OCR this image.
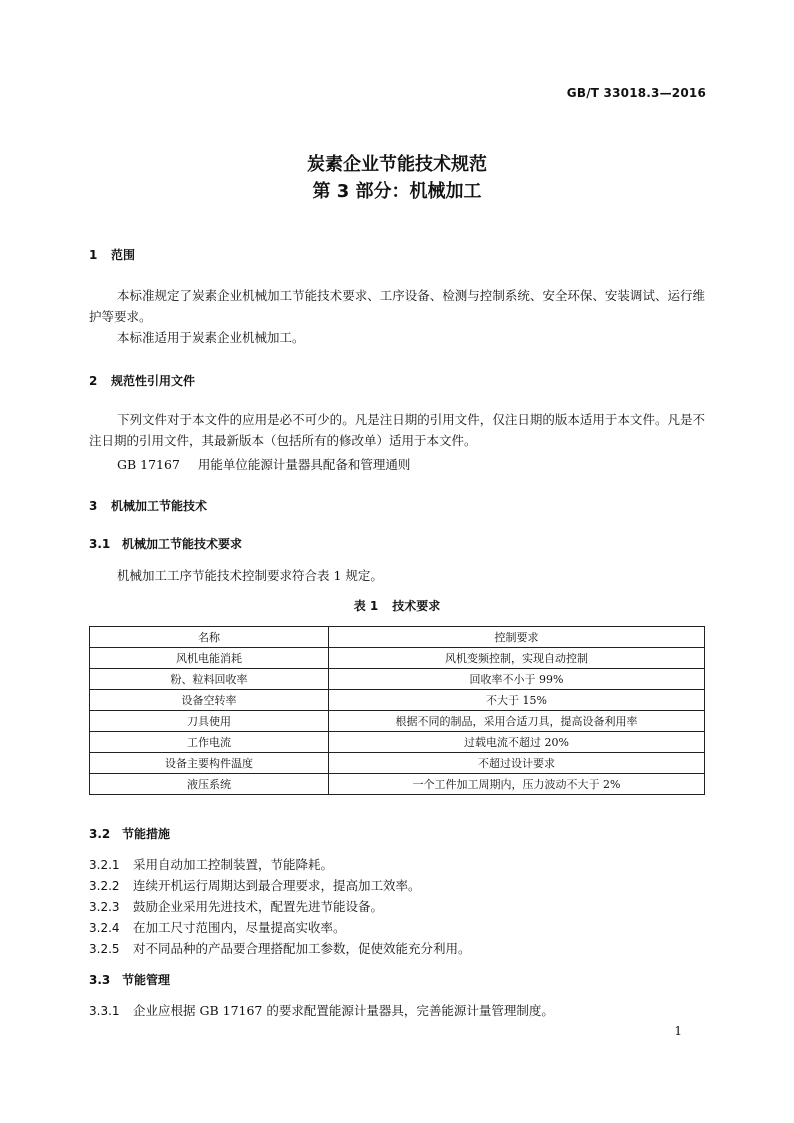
GB/T 33018.3—2016
炭素企业节能技术规范
第 3 部分：机械加工
1 范围
本标准规定了炭素企业机械加工节能技术要求、工序设备、检测与控制系统、安全环保、安装调试、运行维护等要求。
本标准适用于炭素企业机械加工。
2 规范性引用文件
下列文件对于本文件的应用是必不可少的。凡是注日期的引用文件，仅注日期的版本适用于本文件。凡是不注日期的引用文件，其最新版本（包括所有的修改单）适用于本文件。
GB 17167 用能单位能源计量器具配备和管理通则
3 机械加工节能技术
3.1 机械加工节能技术要求
机械加工工序节能技术控制要求符合表 1 规定。
表 1 技术要求
名称	控制要求
风机电能消耗	风机变频控制，实现自动控制
粉、粒料回收率	回收率不小于 99%
设备空转率	不大于 15%
刀具使用	根据不同的制品，采用合适刀具，提高设备利用率
工作电流	过载电流不超过 20%
设备主要构件温度	不超过设计要求
液压系统	一个工件加工周期内，压力波动不大于 2%
3.2 节能措施
3.2.1 采用自动加工控制装置，节能降耗。
3.2.2 连续开机运行周期达到最合理要求，提高加工效率。
3.2.3 鼓励企业采用先进技术，配置先进节能设备。
3.2.4 在加工尺寸范围内，尽量提高实收率。
3.2.5 对不同品种的产品要合理搭配加工参数，促使效能充分利用。
3.3 节能管理
3.3.1 企业应根据 GB 17167 的要求配置能源计量器具，完善能源计量管理制度。
1
